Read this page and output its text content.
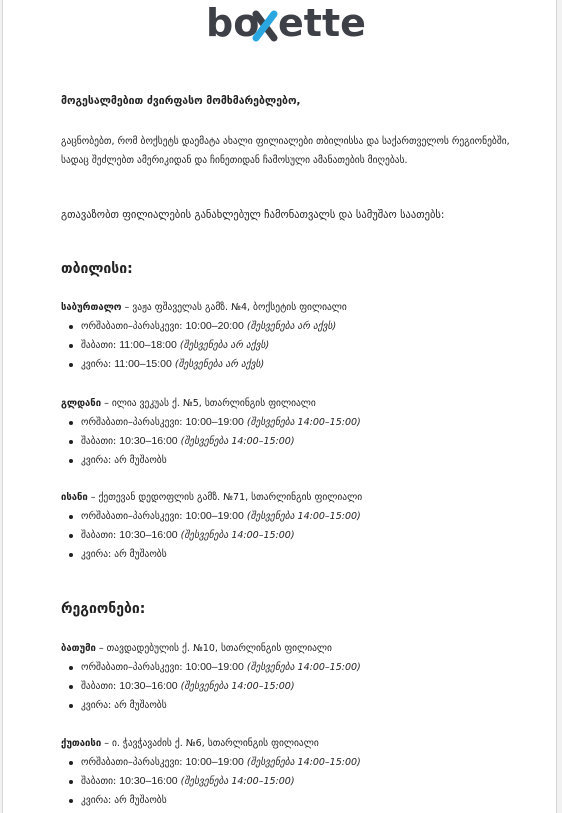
bo ette

მოგესალმებით ძვირფასო მომხმარებლებო,

გაცნობებთ, რომ ბოქსეტს დაემატა ახალი ფილიალები თბილისსა და საქართველოს რეგიონებში, სადაც შეძლებთ ამერიკიდან და ჩინეთიდან ჩამოსული ამანათების მიღებას.

გთავაზობთ ფილიალების განახლებულ ჩამონათვალს და სამუშაო საათებს:

თბილისი:

საბურთალო – ვაჟა ფშაველას გამზ. №4, ბოქსეტის ფილიალი

ორშაბათი–პარასკევი: 10:00–20:00 (შესვენება არ აქვს)
შაბათი: 11:00–18:00 (შესვენება არ აქვს)
კვირა: 11:00–15:00 (შესვენება არ აქვს)

გლდანი – ილია ვეკუას ქ. №5, სთარლინგის ფილიალი

ორშაბათი–პარასკევი: 10:00–19:00 (შესვენება 14:00–15:00)
შაბათი: 10:30–16:00 (შესვენება 14:00–15:00)
კვირა: არ მუშაობს

ისანი – ქეთევან დედოფლის გამზ. №71, სთარლინგის ფილიალი

ორშაბათი–პარასკევი: 10:00–19:00 (შესვენება 14:00–15:00)
შაბათი: 10:30–16:00 (შესვენება 14:00–15:00)
კვირა: არ მუშაობს

რეგიონები:

ბათუმი – თავდადებულის ქ. №10, სთარლინგის ფილიალი

ორშაბათი–პარასკევი: 10:00–19:00 (შესვენება 14:00–15:00)
შაბათი: 10:30–16:00 (შესვენება 14:00–15:00)
კვირა: არ მუშაობს

ქუთაისი – ი. ჭავჭავაძის ქ. №6, სთარლინგის ფილიალი

ორშაბათი–პარასკევი: 10:00–19:00 (შესვენება 14:00–15:00)
შაბათი: 10:30–16:00 (შესვენება 14:00–15:00)
კვირა: არ მუშაობს
